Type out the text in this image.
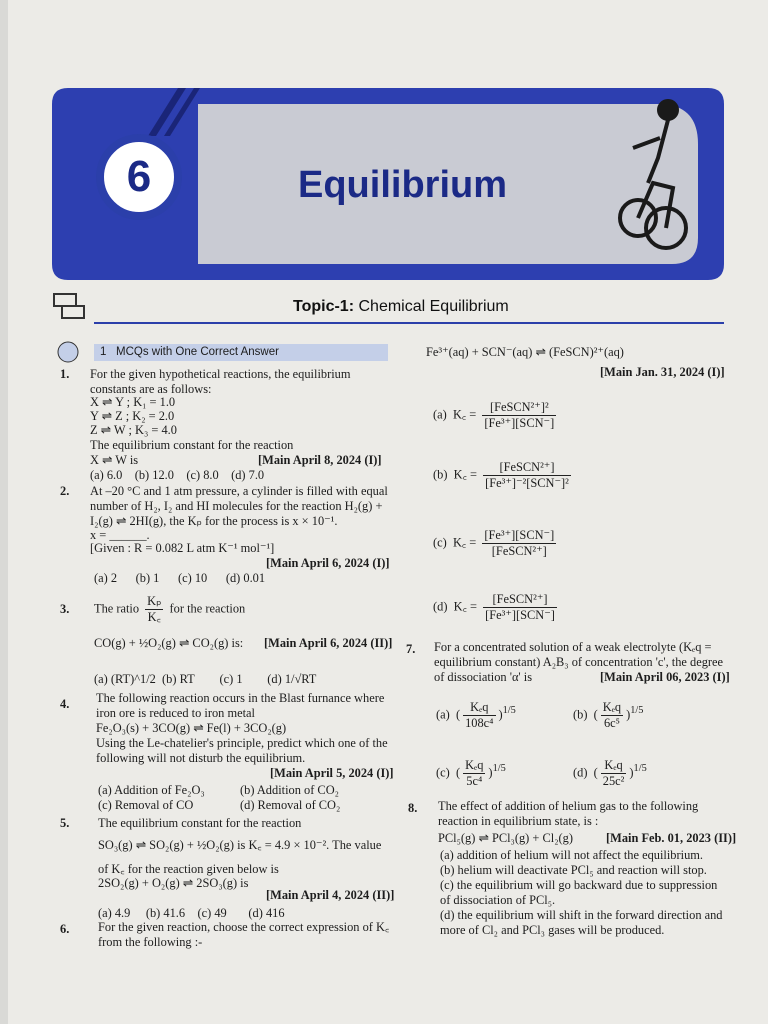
6	Equilibrium
Topic-1: Chemical Equilibrium
1 MCQs with One Correct Answer
1. For the given hypothetical reactions, the equilibrium constants are as follows:
X ⇌ Y ; K₁ = 1.0
Y ⇌ Z ; K₂ = 2.0
Z ⇌ W ; K₃ = 4.0
The equilibrium constant for the reaction
X ⇌ W is	[Main April 8, 2024 (I)]
(a) 6.0 (b) 12.0 (c) 8.0 (d) 7.0
2. At –20 °C and 1 atm pressure, a cylinder is filled with equal number of H₂, I₂ and HI molecules for the reaction H₂(g) + I₂(g) ⇌ 2HI(g), the Kₚ for the process is x × 10⁻¹.
x = ______.
[Given : R = 0.082 L atm K⁻¹ mol⁻¹]
[Main April 6, 2024 (I)]
(a) 2 (b) 1 (c) 10 (d) 0.01
3. The ratio $\frac{\text{Kₚ}}{K꜀}$ for the reaction
CO(g) + ½O₂(g) ⇌ CO₂(g) is: [Main April 6, 2024 (II)]
(a) (RT)^1/2 (b) RT (c) 1 (d) 1/√RT
4. The following reaction occurs in the Blast furnance where iron ore is reduced to iron metal
Fe₂O₃(s) + 3CO(g) ⇌ Fe(l) + 3CO₂(g)
Using the Le-chatelier's principle, predict which one of the following will not disturb the equilibrium.
[Main April 5, 2024 (I)]
(a) Addition of Fe₂O₃	(b) Addition of CO₂
(c) Removal of CO	(d) Removal of CO₂
5. The equilibrium constant for the reaction
SO₃(g) ⇌ SO₂(g) + ½O₂(g) is K꜀ = 4.9 × 10⁻². The value
of K꜀ for the reaction given below is
2SO₂(g) + O₂(g) ⇌ 2SO₃(g) is
[Main April 4, 2024 (II)]
(a) 4.9 (b) 41.6 (c) 49 (d) 416
6. For the given reaction, choose the correct expression of K꜀ from the following :-
Fe³⁺(aq) + SCN⁻(aq) ⇌ (FeSCN)²⁺(aq)
[Main Jan. 31, 2024 (I)]
(a) K꜀ = $\frac{\text{[FeSCN²⁺]²}}{\text{[Fe³⁺][SCN⁻]}}$
(b) K꜀ = $\frac{\text{[FeSCN²⁺]}}{\text{[Fe³⁺]⁻²[SCN⁻]²}}$
(c) K꜀ = $\frac{\text{[Fe³⁺][SCN⁻]}}{\text{[FeSCN²⁺]}}$
(d) K꜀ = $\frac{\text{[FeSCN²⁺]}}{\text{[Fe³⁺][SCN⁻]}}$
7. For a concentrated solution of a weak electrolyte (Kₑq = equilibrium constant) A₂B₃ of concentration 'c', the degree of dissociation 'α' is	[Main April 06, 2023 (I)]
(a)  ( $\frac{\text{Kₑq}}{\text{108c⁴}} )^{1/5}$	(b)  ( $\frac{\text{Kₑq}}{\text{6c⁵}} )^{1/5}$
(c)  ( $\frac{\text{Kₑq}}{\text{5c⁴}} )^{1/5}$	(d)  ( $\frac{\text{Kₑq}}{\text{25c²}} )^{1/5}$
8. The effect of addition of helium gas to the following reaction in equilibrium state, is :
PCl₅(g) ⇌ PCl₃(g) + Cl₂(g)	[Main Feb. 01, 2023 (II)]
(a) addition of helium will not affect the equilibrium.
(b) helium will deactivate PCl₅ and reaction will stop.
(c) the equilibrium will go backward due to suppression of dissociation of PCl₅.
(d) the equilibrium will shift in the forward direction and more of Cl₂ and PCl₃ gases will be produced.
